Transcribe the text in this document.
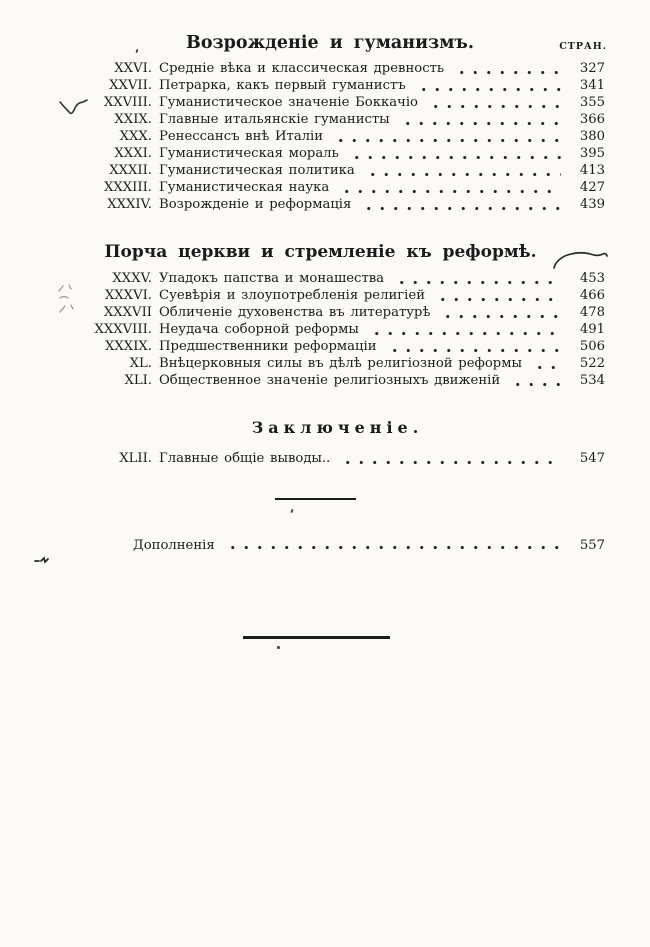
Возрожденіе и гуманизмъ.	СТРАН.
XXVI. Средніе вѣка и классическая древность	327
XXVII. Петрарка, какъ первый гуманистъ	341
XXVIII. Гуманистическое значеніе Боккачіо	355
XXIX. Главные итальянскіе гуманисты	366
XXX. Ренессансъ внѣ Италіи	380
XXXI. Гуманистическая мораль	395
XXXII. Гуманистическая политика	413
XXXIII. Гуманистическая наука	427
XXXIV. Возрожденіе и реформація	439
Порча церкви и стремленіе къ реформѣ.
XXXV. Упадокъ папства и монашества	453
XXXVI. Суевѣрія и злоупотребленія религіей	466
XXXVII Обличеніе духовенства въ литературѣ	478
XXXVIII. Неудача соборной реформы	491
XXXIX. Предшественники реформаціи	506
XL. Внѣцерковныя силы въ дѣлѣ религіозной реформы	522
XLI. Общественное значеніе религіозныхъ движеній	534
Заключеніе.
XLII. Главные общіе выводы..	547
Дополненія	557
